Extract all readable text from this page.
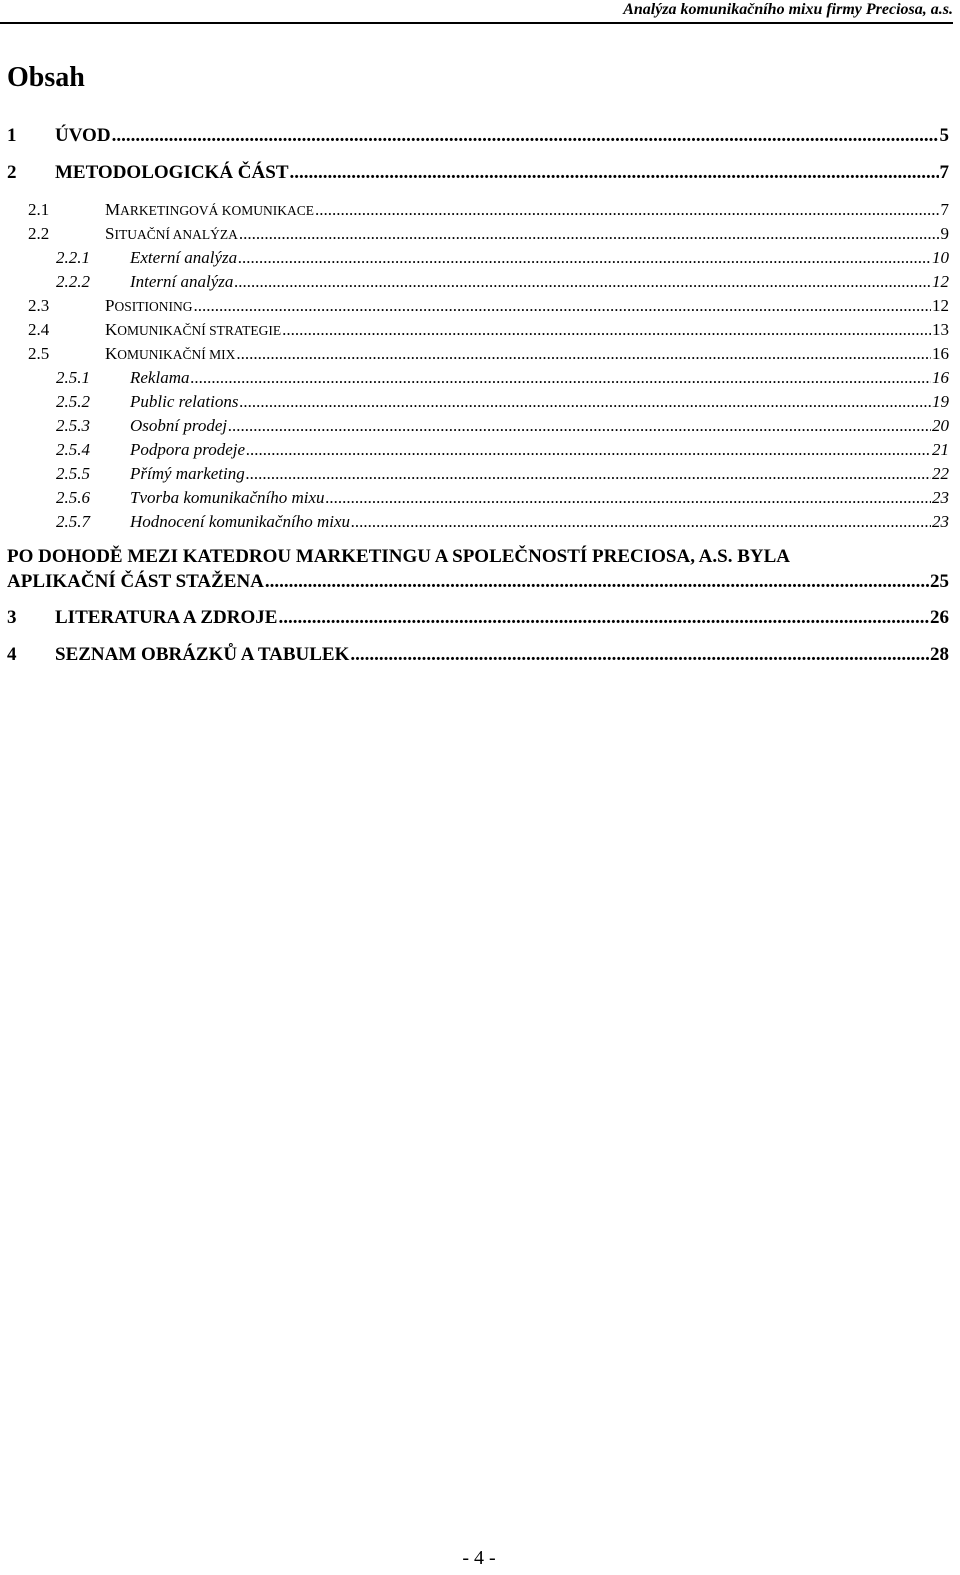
Analýza komunikačního mixu firmy Preciosa, a.s.
Obsah
1	ÚVOD .....	5
2	METODOLOGICKÁ ČÁST .....	7
2.1	MARKETINGOVÁ KOMUNIKACE .....	7
2.2	SITUAČNÍ ANALÝZA .....	9
2.2.1	Externí analýza .....	10
2.2.2	Interní analýza .....	12
2.3	POSITIONING .....	12
2.4	KOMUNIKAČNÍ STRATEGIE .....	13
2.5	KOMUNIKAČNÍ MIX .....	16
2.5.1	Reklama .....	16
2.5.2	Public relations .....	19
2.5.3	Osobní prodej .....	20
2.5.4	Podpora prodeje .....	21
2.5.5	Přímý marketing .....	22
2.5.6	Tvorba komunikačního mixu .....	23
2.5.7	Hodnocení komunikačního mixu .....	23
PO DOHODĚ MEZI KATEDROU MARKETINGU A SPOLEČNOSTÍ PRECIOSA, A.S. BYLA
APLIKAČNÍ ČÁST STAŽENA .....	25
3	LITERATURA A ZDROJE .....	26
4	SEZNAM OBRÁZKŮ A TABULEK .....	28
- 4 -
